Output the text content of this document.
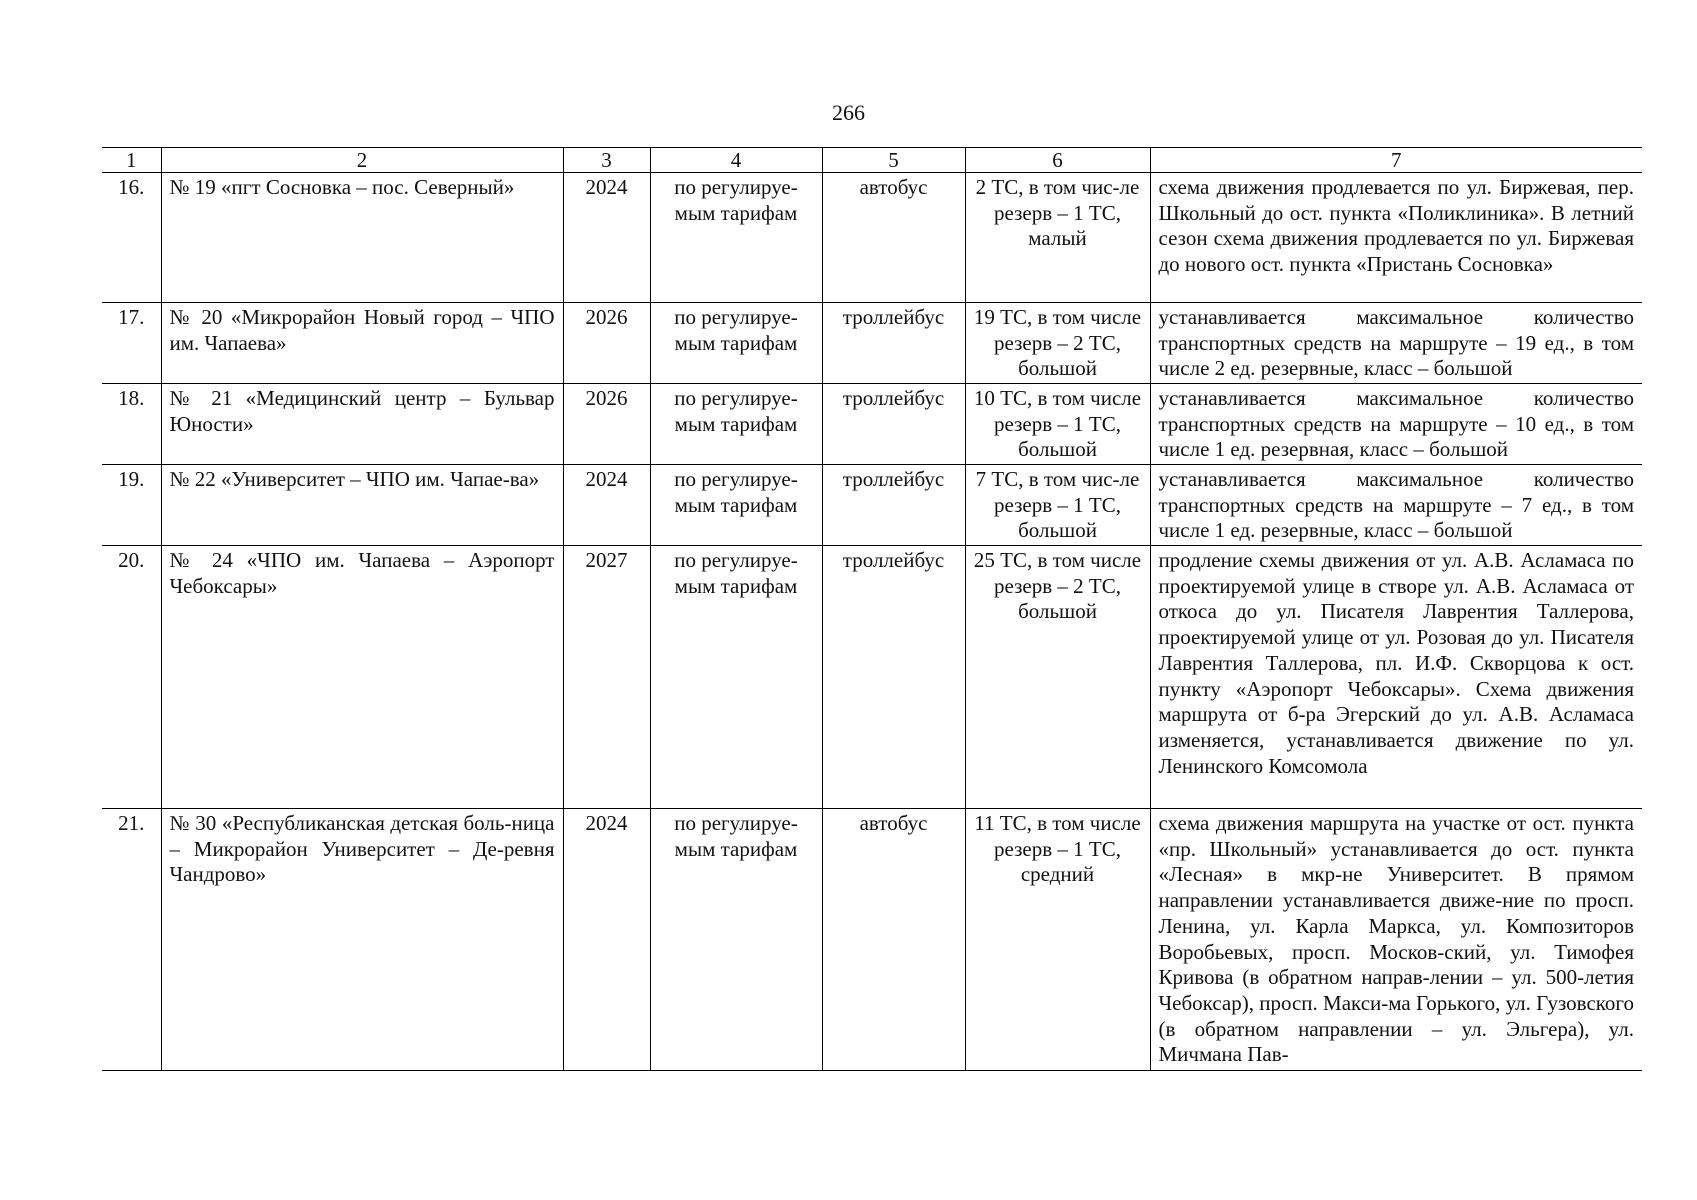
266
1	2	3	4	5	6	7
16.	№ 19 «пгт Сосновка – пос. Северный»	2024	по регулируе-мым тарифам	автобус	2 ТС, в том чис-ле резерв – 1 ТС, малый	схема движения продлевается по ул. Биржевая, пер. Школьный до ост. пункта «Поликлиника». В летний сезон схема движения продлевается по ул. Биржевая до нового ост. пункта «Пристань Сосновка»
17.	№ 20 «Микрорайон Новый город – ЧПО им. Чапаева»	2026	по регулируе-мым тарифам	троллейбус	19 ТС, в том числе резерв – 2 ТС, большой	устанавливается максимальное количество транспортных средств на маршруте – 19 ед., в том числе 2 ед. резервные, класс – большой
18.	№ 21 «Медицинский центр – Бульвар Юности»	2026	по регулируе-мым тарифам	троллейбус	10 ТС, в том числе резерв – 1 ТС, большой	устанавливается максимальное количество транспортных средств на маршруте – 10 ед., в том числе 1 ед. резервная, класс – большой
19.	№ 22 «Университет – ЧПО им. Чапае-ва»	2024	по регулируе-мым тарифам	троллейбус	7 ТС, в том чис-ле резерв – 1 ТС, большой	устанавливается максимальное количество транспортных средств на маршруте – 7 ед., в том числе 1 ед. резервные, класс – большой
20.	№ 24 «ЧПО им. Чапаева – Аэропорт Чебоксары»	2027	по регулируе-мым тарифам	троллейбус	25 ТС, в том числе резерв – 2 ТС, большой	продление схемы движения от ул. А.В. Асламаса по проектируемой улице в створе ул. А.В. Асламаса от откоса до ул. Писателя Лаврентия Таллерова, проектируемой улице от ул. Розовая до ул. Писателя Лаврентия Таллерова, пл. И.Ф. Скворцова к ост. пункту «Аэропорт Чебоксары». Схема движения маршрута от б-ра Эгерский до ул. А.В. Асламаса изменяется, устанавливается движение по ул. Ленинского Комсомола
21.	№ 30 «Республиканская детская боль-ница – Микрорайон Университет – Де-ревня Чандрово»	2024	по регулируе-мым тарифам	автобус	11 ТС, в том числе резерв – 1 ТС, средний	схема движения маршрута на участке от ост. пункта «пр. Школьный» устанавливается до ост. пункта «Лесная» в мкр-не Университет. В прямом направлении устанавливается движе-ние по просп. Ленина, ул. Карла Маркса, ул. Композиторов Воробьевых, просп. Москов-ский, ул. Тимофея Кривова (в обратном направ-лении – ул. 500-летия Чебоксар), просп. Макси-ма Горького, ул. Гузовского (в обратном направлении – ул. Эльгера), ул. Мичмана Пав-
